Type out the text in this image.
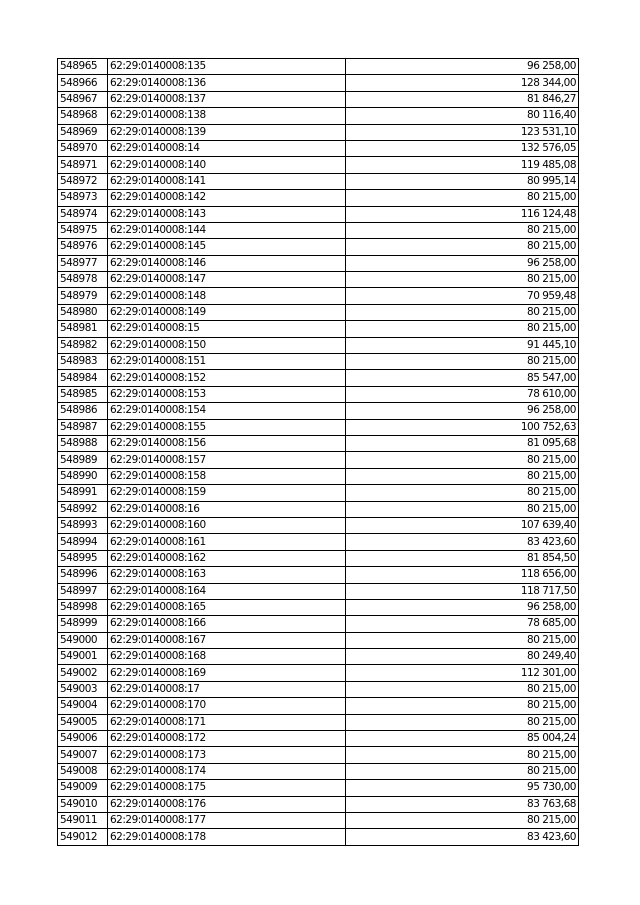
548965	62:29:0140008:135	96 258,00
548966	62:29:0140008:136	128 344,00
548967	62:29:0140008:137	81 846,27
548968	62:29:0140008:138	80 116,40
548969	62:29:0140008:139	123 531,10
548970	62:29:0140008:14	132 576,05
548971	62:29:0140008:140	119 485,08
548972	62:29:0140008:141	80 995,14
548973	62:29:0140008:142	80 215,00
548974	62:29:0140008:143	116 124,48
548975	62:29:0140008:144	80 215,00
548976	62:29:0140008:145	80 215,00
548977	62:29:0140008:146	96 258,00
548978	62:29:0140008:147	80 215,00
548979	62:29:0140008:148	70 959,48
548980	62:29:0140008:149	80 215,00
548981	62:29:0140008:15	80 215,00
548982	62:29:0140008:150	91 445,10
548983	62:29:0140008:151	80 215,00
548984	62:29:0140008:152	85 547,00
548985	62:29:0140008:153	78 610,00
548986	62:29:0140008:154	96 258,00
548987	62:29:0140008:155	100 752,63
548988	62:29:0140008:156	81 095,68
548989	62:29:0140008:157	80 215,00
548990	62:29:0140008:158	80 215,00
548991	62:29:0140008:159	80 215,00
548992	62:29:0140008:16	80 215,00
548993	62:29:0140008:160	107 639,40
548994	62:29:0140008:161	83 423,60
548995	62:29:0140008:162	81 854,50
548996	62:29:0140008:163	118 656,00
548997	62:29:0140008:164	118 717,50
548998	62:29:0140008:165	96 258,00
548999	62:29:0140008:166	78 685,00
549000	62:29:0140008:167	80 215,00
549001	62:29:0140008:168	80 249,40
549002	62:29:0140008:169	112 301,00
549003	62:29:0140008:17	80 215,00
549004	62:29:0140008:170	80 215,00
549005	62:29:0140008:171	80 215,00
549006	62:29:0140008:172	85 004,24
549007	62:29:0140008:173	80 215,00
549008	62:29:0140008:174	80 215,00
549009	62:29:0140008:175	95 730,00
549010	62:29:0140008:176	83 763,68
549011	62:29:0140008:177	80 215,00
549012	62:29:0140008:178	83 423,60
